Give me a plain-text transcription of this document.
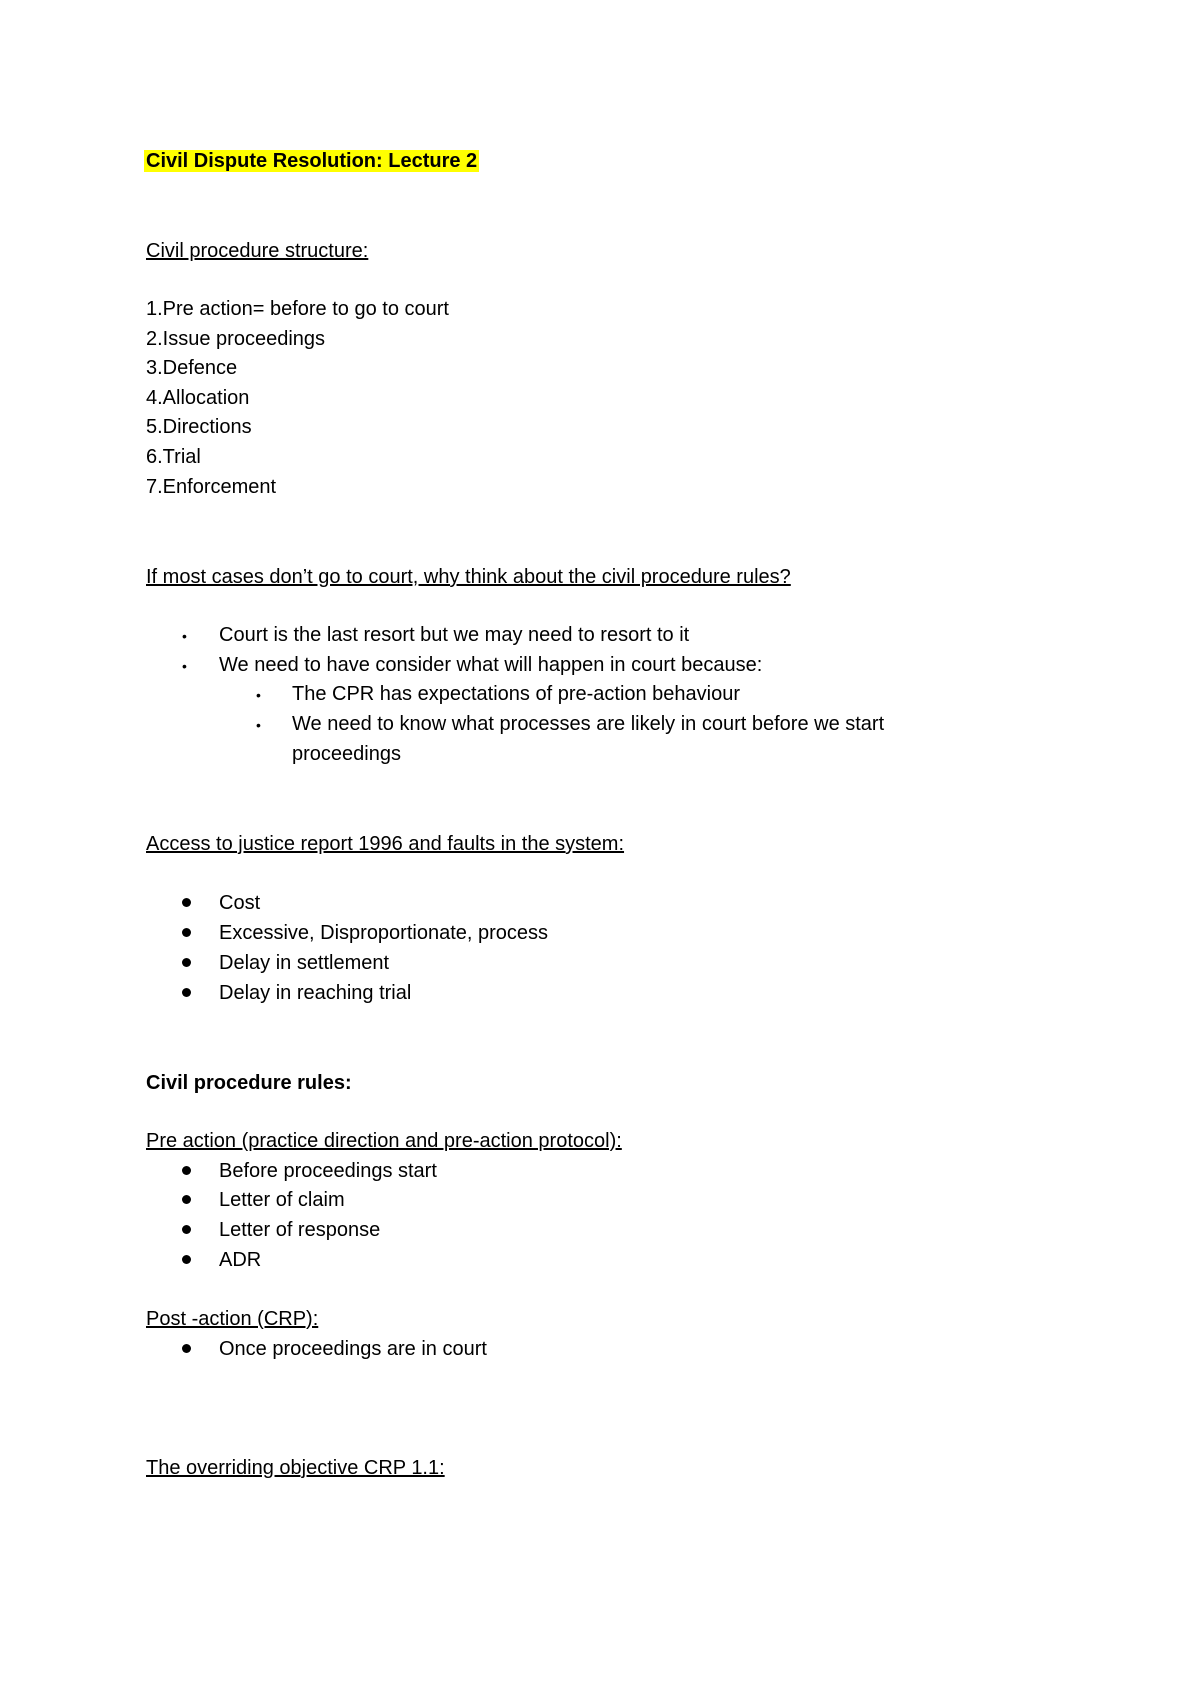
Civil Dispute Resolution: Lecture 2
Civil procedure structure:
1.Pre action= before to go to court
2.Issue proceedings
3.Defence
4.Allocation
5.Directions
6.Trial
7.Enforcement
If most cases don’t go to court, why think about the civil procedure rules?
•
Court is the last resort but we may need to resort to it
•
We need to have consider what will happen in court because:
•
The CPR has expectations of pre-action behaviour
•
We need to know what processes are likely in court before we start
proceedings
Access to justice report 1996 and faults in the system:
Cost
Excessive, Disproportionate, process
Delay in settlement
Delay in reaching trial
Civil procedure rules:
Pre action (practice direction and pre-action protocol):
Before proceedings start
Letter of claim
Letter of response
ADR
Post -action (CRP):
Once proceedings are in court
The overriding objective CRP 1.1:
